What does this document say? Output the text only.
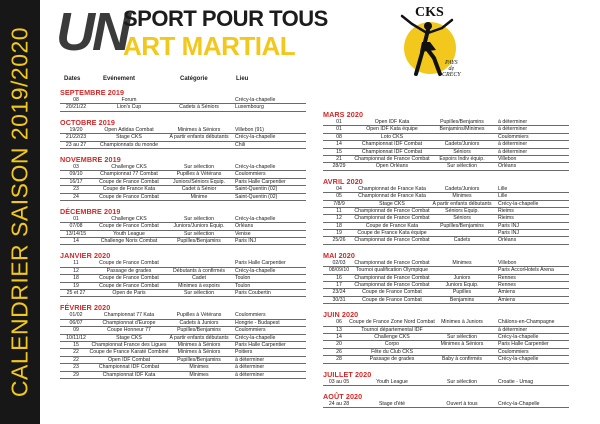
CALENDRIER SAISON 2019/2020 UN
SPORT POUR TOUS
ART MARTIAL
CKS
PAYS
de
CRÉCY
Dates	Evénement	Catégorie	Lieu
SEPTEMBRE 2019
08	Forum	Crécy-la-chapelle
20/21/22	Lion's Cup	Cadets à Séniors	Luxembourg
OCTOBRE 2019
19/20	Open Adidas Combat	Minimes à Séniors	Villebon (91)
21/22/23	Stage CKS	A partir enfants débutants	Crécy-la-chapelle
23 au 27	Championnats du monde	Chili
NOVEMBRE 2019
03	Challenge CKS	Sur sélection	Crécy-la-chapelle
09/10	Championnat 77 Combat	Pupilles à Vétérans	Coulommiers
16/17	Coupe de France Combat	Juniors/Séniors Equip.	Paris Halle Carpentier
23	Coupe de France Kata	Cadet à Sénior	Saint-Quentin (02)
24	Coupe de France Combat	Minime	Saint-Quentin (02)
DÉCEMBRE 2019
01	Challenge CKS	Sur sélection	Crécy-la-chapelle
07/08	Coupe de France Combat	Juniors/Juniors Equip.	Orléans
13/14/15	Youth League	Sur sélection	Venise
14	Challenge Noris Combat	Pupilles/Benjamins	Paris INJ
JANVIER 2020
11	Coupe de France Combat	Paris Halle Carpentier
12	Passage de grades	Débutants à confirmés	Crécy-la-chapelle
18	Coupe de France Combat	Cadet	Toulon
19	Coupe de France Combat	Minimes à espoirs	Toulon
25 et 27	Open de Paris	Sur sélection	Paris Coubertin
FÉVRIER 2020
01/02	Championnat 77 Kata	Pupilles à Vétérans	Coulommiers
06/07	Championnat d'Europe	Cadets à Juniors	Hongrie - Budapest
09	Coupe Honneur 77	Pupilles/Benjamins	Coulommiers
10/11/12	Stage CKS	A partir enfants débutants	Crécy-la-chapelle
15	Championnat France des Ligues	Minimes à Séniors	Paris Halle Carpentier
22	Coupe de France Karaté Combiné	Minimes à Séniors	Poitiers
22	Open IDF Combat	Pupilles/Benjamins	à déterminer
23	Championnat IDF Combat	Minimes	à déterminer
29	Championnat IDF Kata	Minimes	à déterminer
MARS 2020
01	Open IDF Kata	Pupilles/Benjamins	à déterminer
01	Open IDF Kata équipe	Benjamins/Minimes	à déterminer
08	Loto CKS	Coulommiers
14	Championnat IDF Combat	Cadets/Juniors	à déterminer
15	Championnat IDF Combat	Séniors	à déterminer
21	Championnat de France Combat	Espoirs Indiv équip.	Villebon
28/29	Open Orléans	Sur sélection	Orléans
AVRIL 2020
04	Championnat de France Kata	Cadets/Juniors	Lille
05	Championnat de France Kata	Minimes	Lille
7/8/9	Stage CKS	A partir enfants débutants	Crécy-la-chapelle
11	Championnat de France Combat	Séniors Equip.	Rieims
12	Championnat de France Combat	Séniors	Rieims
18	Coupe de France Kata	Pupilles/Benjamins	Paris INJ
19	Coupe de France Kata équipe	Paris INJ
25/26	Championnat de France Combat	Cadets	Orléans
MAI 2020
02/03	Championnat de France Combat	Minimes	Villebon
08/09/10	Tournoi qualification Olympique	Paris AccorHotels Arena
16	Championnat de France Combat	Juniors	Rennes
17	Championnat de France Combat	Juniors Equip.	Rennes
23/24	Coupe de France Combat	Pupilles	Amiens
30/31	Coupe de France Combat	Benjamins	Amiens
JUIN 2020
06	Coupe de France Zone Nord Combat	Minimes à Juniors	Châlons-en-Champagne
13	Tournoi départemental IDF	à déterminer
14	Challenge CKS	Sur sélection	Crécy-la-chapelle
20	Corpo	Minimes à Séniors	Paris Halle Carpentier
26	Fête du Club CKS	Coulommiers
28	Passage de grades	Baby à confirmés	Crécy-la-chapelle
JUILLET 2020
03 au 05	Youth League	Sur sélection	Croatie - Umag
AOÛT 2020
24 au 28	Stage d'été	Ouvert à tous	Crécy-la-Chapelle
